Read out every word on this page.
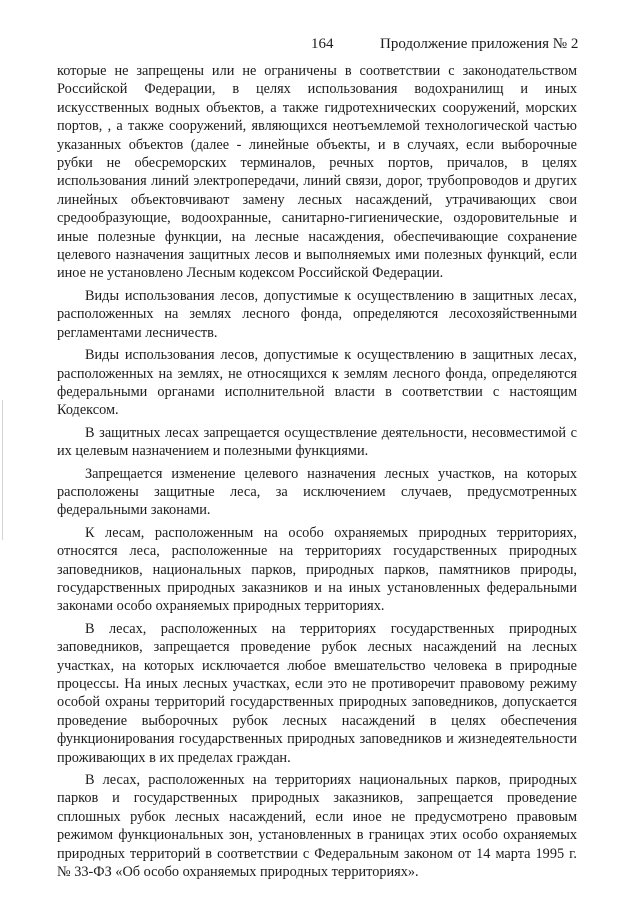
164	Продолжение приложения № 2

которые не запрещены или не ограничены в соответствии с законодательством Российской Федерации, в целях использования водохранилищ и иных искусственных водных объектов, а также гидротехнических сооружений, морских портов, , а также сооружений, являющихся неотъемлемой технологической частью указанных объектов (далее - линейные объекты, и в случаях, если выборочные рубки не обесреморских терминалов, речных портов, причалов, в целях использования линий электропередачи, линий связи, дорог, трубопроводов и других линейных объектовчивают замену лесных насаждений, утрачивающих свои средообразующие, водоохранные, санитарно-гигиенические, оздоровительные и иные полезные функции, на лесные насаждения, обеспечивающие сохранение целевого назначения защитных лесов и выполняемых ими полезных функций, если иное не установлено Лесным кодексом Российской Федерации.

Виды использования лесов, допустимые к осуществлению в защитных лесах, расположенных на землях лесного фонда, определяются лесохозяйственными регламентами лесничеств.

Виды использования лесов, допустимые к осуществлению в защитных лесах, расположенных на землях, не относящихся к землям лесного фонда, определяются федеральными органами исполнительной власти в соответствии с настоящим Кодексом.

В защитных лесах запрещается осуществление деятельности, несовместимой с их целевым назначением и полезными функциями.

Запрещается изменение целевого назначения лесных участков, на которых расположены защитные леса, за исключением случаев, предусмотренных федеральными законами.

К лесам, расположенным на особо охраняемых природных территориях, относятся леса, расположенные на территориях государственных природных заповедников, национальных парков, природных парков, памятников природы, государственных природных заказников и на иных установленных федеральными законами особо охраняемых природных территориях.

В лесах, расположенных на территориях государственных природных заповедников, запрещается проведение рубок лесных насаждений на лесных участках, на которых исключается любое вмешательство человека в природные процессы. На иных лесных участках, если это не противоречит правовому режиму особой охраны территорий государственных природных заповедников, допускается проведение выборочных рубок лесных насаждений в целях обеспечения функционирования государственных природных заповедников и жизнедеятельности проживающих в их пределах граждан.

В лесах, расположенных на территориях национальных парков, природных парков и государственных природных заказников, запрещается проведение сплошных рубок лесных насаждений, если иное не предусмотрено правовым режимом функциональных зон, установленных в границах этих особо охраняемых природных территорий в соответствии с Федеральным законом от 14 марта 1995 г. № 33-ФЗ «Об особо охраняемых природных территориях».
